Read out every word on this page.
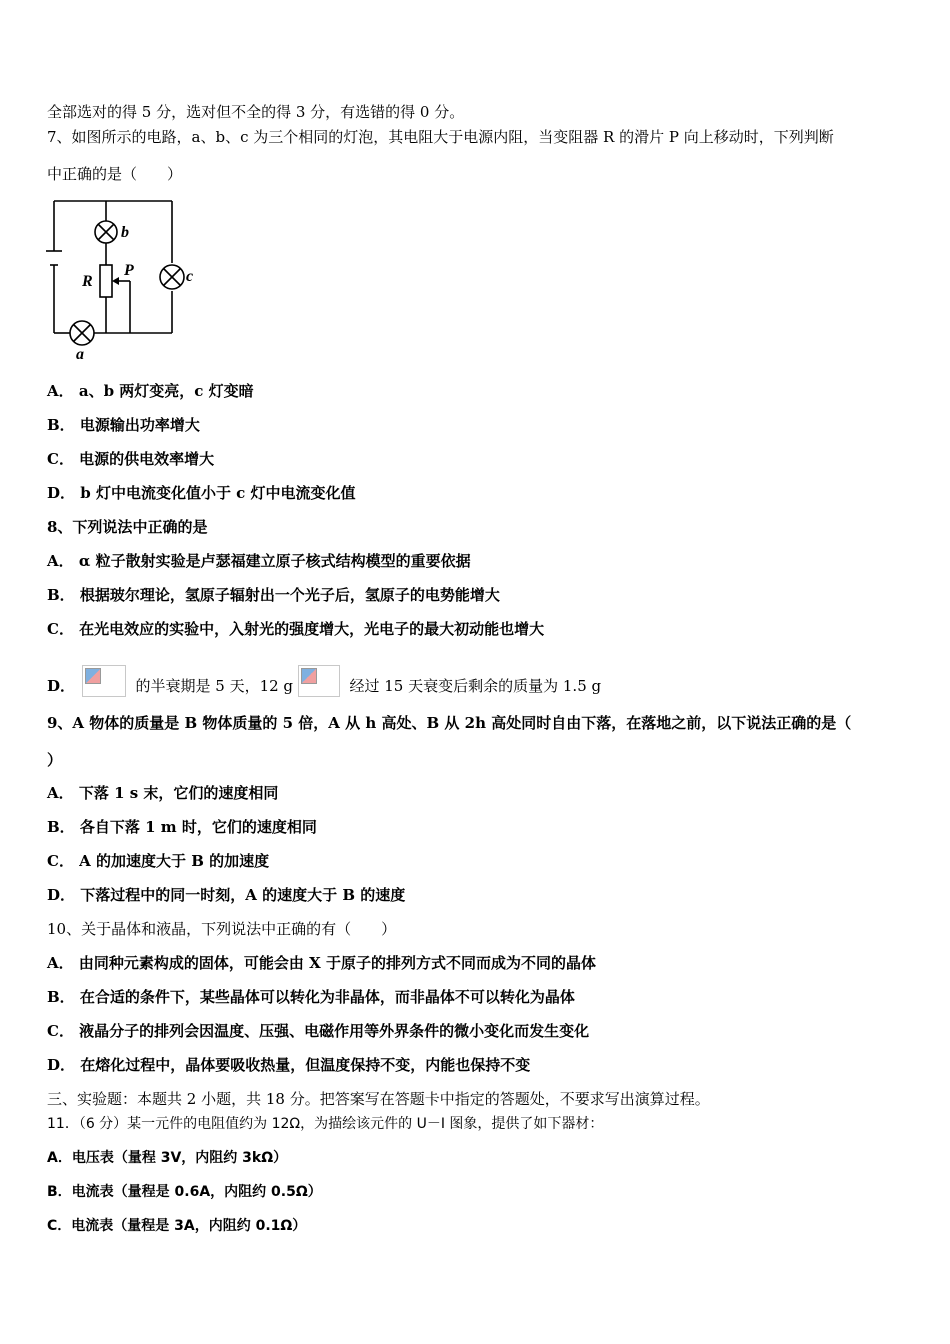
全部选对的得 5 分，选对但不全的得 3 分，有选错的得 0 分。
7、如图所示的电路，a、b、c 为三个相同的灯泡，其电阻大于电源内阻，当变阻器 R 的滑片 P 向上移动时，下列判断
中正确的是（　　）
b
c
a
R
P
A． a、b 两灯变亮，c 灯变暗
B． 电源输出功率增大
C． 电源的供电效率增大
D． b 灯中电流变化值小于 c 灯中电流变化值
8、下列说法中正确的是
A． α 粒子散射实验是卢瑟福建立原子核式结构模型的重要依据
B． 根据玻尔理论，氢原子辐射出一个光子后，氢原子的电势能增大
C． 在光电效应的实验中，入射光的强度增大，光电子的最大初动能也增大
D．	的半衰期是 5 天，12 g	经过 15 天衰变后剩余的质量为 1.5 g
9、A 物体的质量是 B 物体质量的 5 倍，A 从 h 高处、B 从 2h 高处同时自由下落，在落地之前，以下说法正确的是（
）
A． 下落 1 s 末，它们的速度相同
B． 各自下落 1 m 时，它们的速度相同
C． A 的加速度大于 B 的加速度
D． 下落过程中的同一时刻，A 的速度大于 B 的速度
10、关于晶体和液晶，下列说法中正确的有（　　）
A． 由同种元素构成的固体，可能会由 X 于原子的排列方式不同而成为不同的晶体
B． 在合适的条件下，某些晶体可以转化为非晶体，而非晶体不可以转化为晶体
C． 液晶分子的排列会因温度、压强、电磁作用等外界条件的微小变化而发生变化
D． 在熔化过程中，晶体要吸收热量，但温度保持不变，内能也保持不变
三、实验题：本题共 2 小题，共 18 分。把答案写在答题卡中指定的答题处，不要求写出演算过程。
11．（6 分）某一元件的电阻值约为 12Ω，为描绘该元件的 U－I 图象，提供了如下器材：
A．电压表（量程 3V，内阻约 3kΩ）
B．电流表（量程是 0.6A，内阻约 0.5Ω）
C．电流表（量程是 3A，内阻约 0.1Ω）
